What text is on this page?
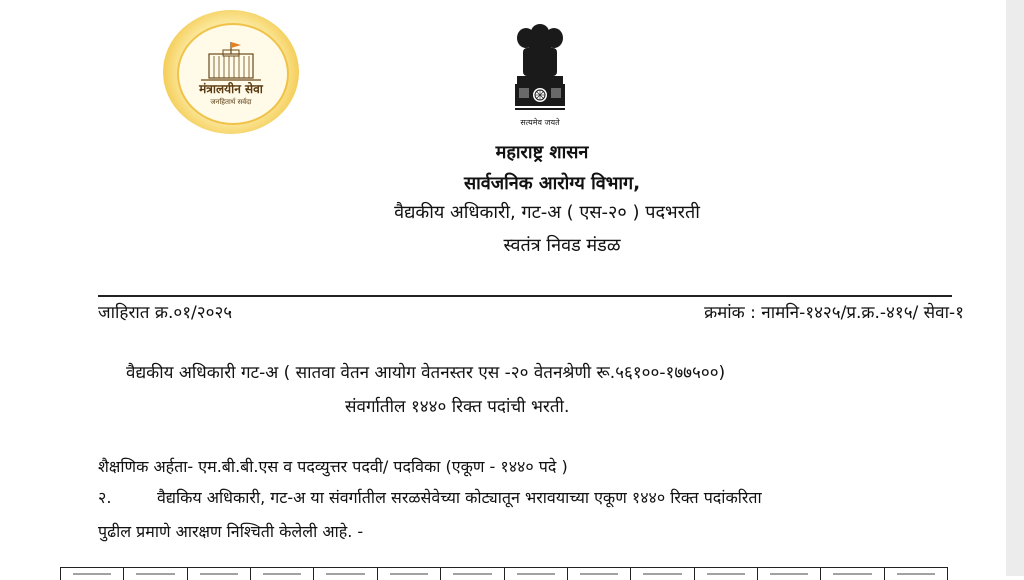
मंत्रालयीन सेवा
जनहितार्थ सर्वदा
सत्यमेव जयते
महाराष्ट्र शासन
सार्वजनिक आरोग्य विभाग,
वैद्यकीय अधिकारी, गट-अ ( एस-२० ) पदभरती
स्वतंत्र निवड मंडळ
जाहिरात क्र.०१/२०२५	क्रमांक : नामनि-१४२५/प्र.क्र.-४१५/ सेवा-१
वैद्यकीय अधिकारी गट-अ ( सातवा वेतन आयोग वेतनस्तर एस -२० वेतनश्रेणी रू.५६१००-१७७५००)
संवर्गातील १४४० रिक्त पदांची भरती.
शैक्षणिक अर्हता- एम.बी.बी.एस व पदव्युत्तर पदवी/ पदविका (एकूण - १४४० पदे )
२.	वैद्यकिय अधिकारी, गट-अ या संवर्गातील सरळसेवेच्या कोट्यातून भरावयाच्या एकूण १४४० रिक्त पदांकरिता
पुढील प्रमाणे आरक्षण निश्चिती केलेली आहे. -
